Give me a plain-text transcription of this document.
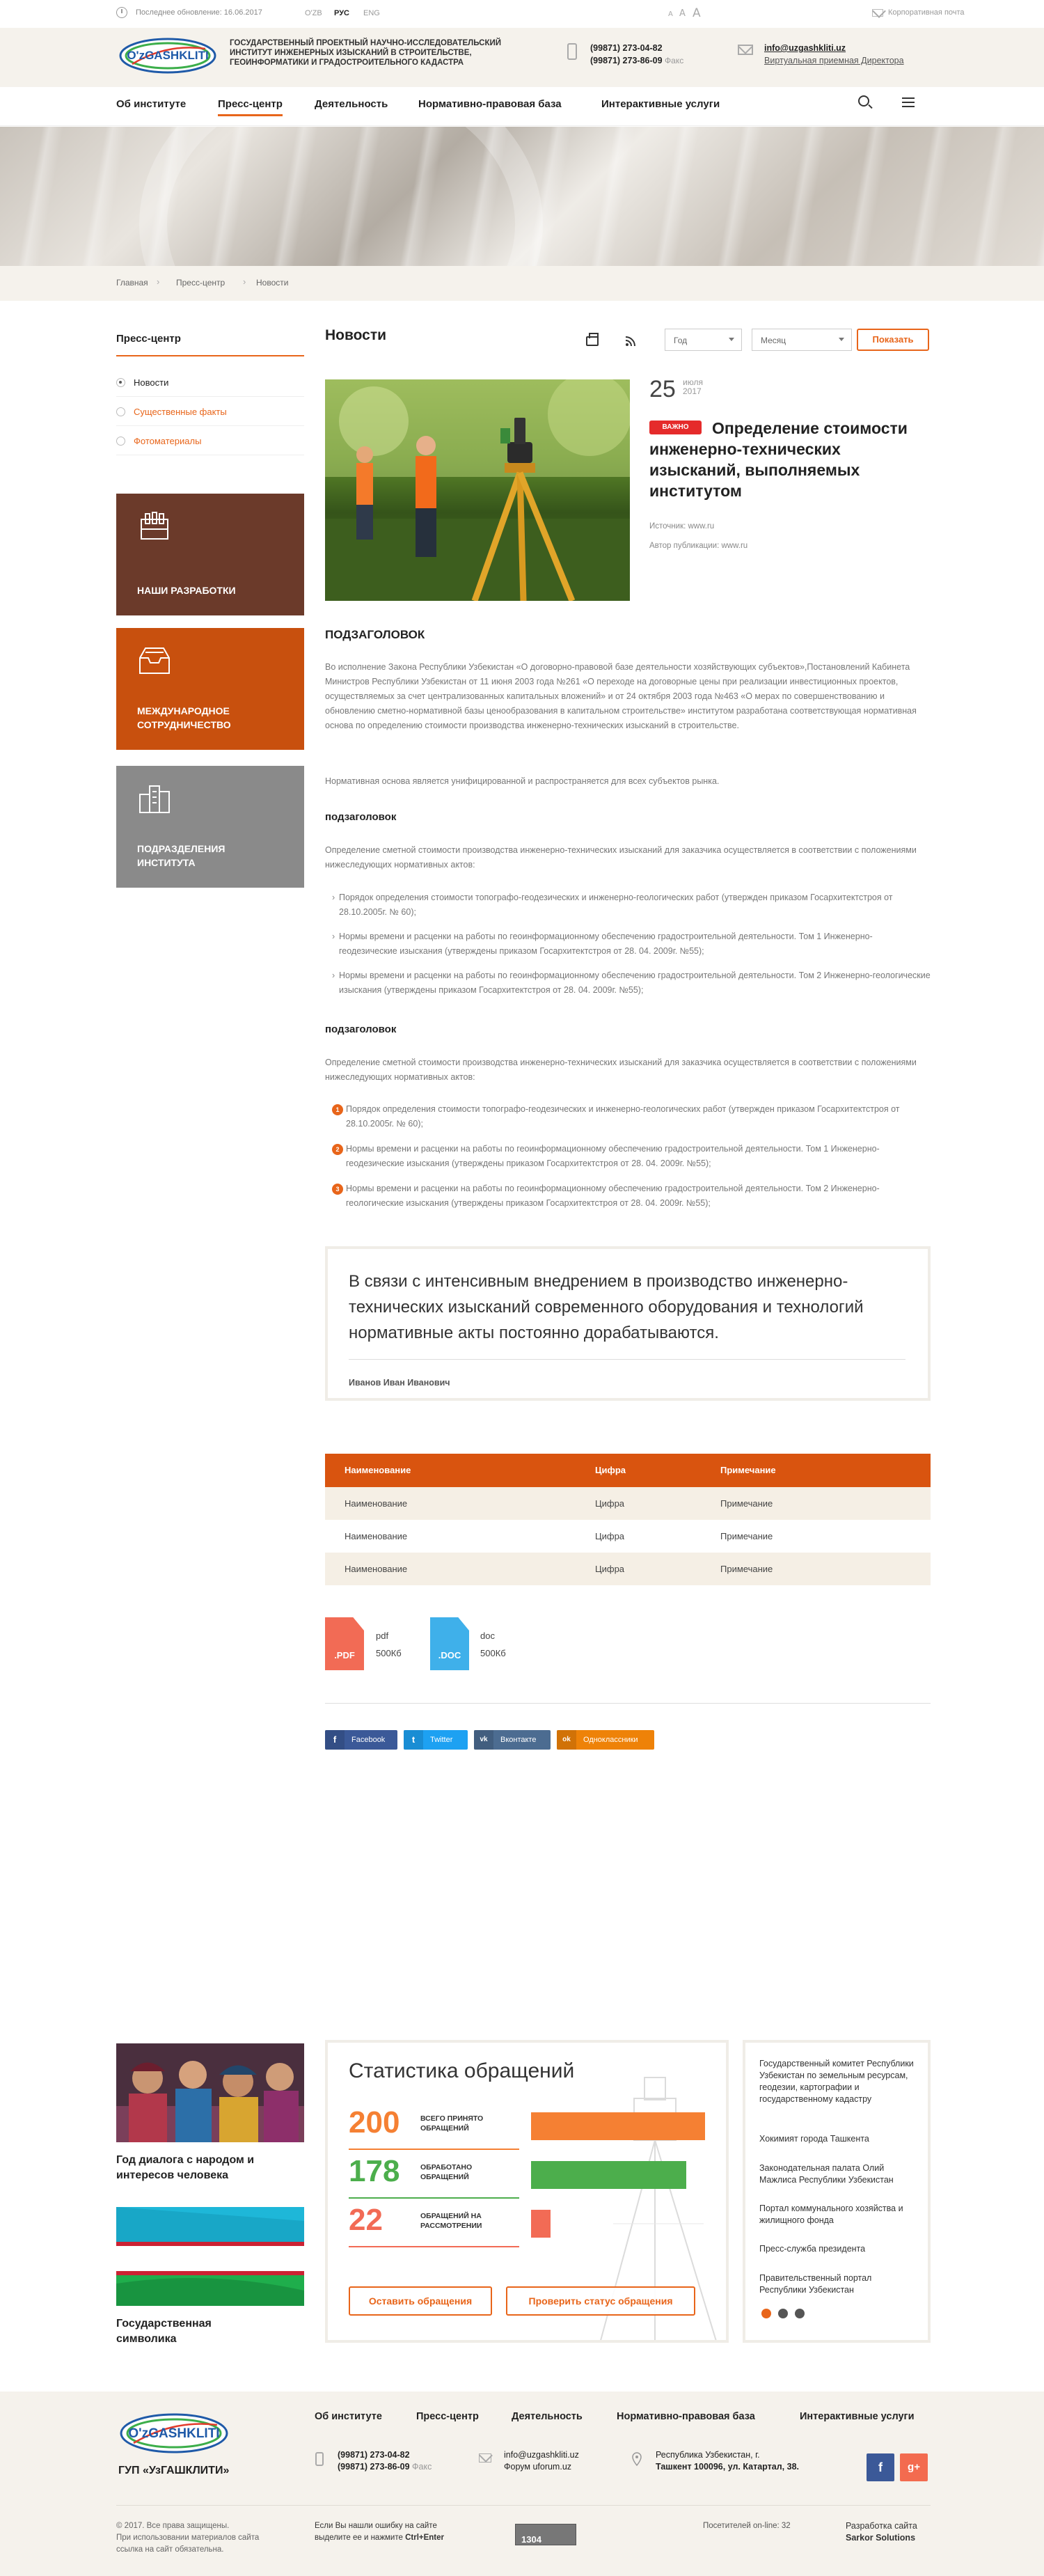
Последнее обновление: 16.06.2017	O'ZB РУС ENG	A A A	Корпоративная почта
O'zGASHKLITI
ГОСУДАРСТВЕННЫЙ ПРОЕКТНЫЙ НАУЧНО-ИССЛЕДОВАТЕЛЬСКИЙ ИНСТИТУТ ИНЖЕНЕРНЫХ ИЗЫСКАНИЙ В СТРОИТЕЛЬСТВЕ, ГЕОИНФОРМАТИКИ И ГРАДОСТРОИТЕЛЬНОГО КАДАСТРА
(99871) 273-04-82
(99871) 273-86-09 Факс
info@uzgashkliti.uz
Виртуальная приемная Директора
Об институте	Пресс-центр	Деятельность	Нормативно-правовая база	Интерактивные услуги
Главная › Пресс-центр › Новости
Пресс-центр
Новости
Существенные факты
Фотоматериалы
НАШИ РАЗРАБОТКИ
МЕЖДУНАРОДНОЕ СОТРУДНИЧЕСТВО
ПОДРАЗДЕЛЕНИЯ ИНСТИТУТА
Новости	Год	Месяц	Показать
25 июля
2017
Определение стоимости инженерно-технических изысканий, выполняемых институтом
ВАЖНО
Источник: www.ru
Автор публикации: www.ru
ПОДЗАГОЛОВОК
Во исполнение Закона Республики Узбекистан «О договорно-правовой базе деятельности хозяйствующих субъектов»,Постановлений Кабинета Министров Республики Узбекистан от 11 июня 2003 года №261 «О переходе на договорные цены при реализации инвестиционных проектов, осуществляемых за счет централизованных капитальных вложений» и от 24 октября 2003 года №463 «О мерах по совершенствованию и обновлению сметно-нормативной базы ценообразования в капитальном строительстве» институтом разработана соответствующая нормативная основа по определению стоимости производства инженерно-технических изысканий в строительстве.
Нормативная основа является унифицированной и распространяется для всех субъектов рынка.
подзаголовок
Определение сметной стоимости производства инженерно-технических изысканий для заказчика осуществляется в соответствии с положениями нижеследующих нормативных актов:
› Порядок определения стоимости топографо-геодезических и инженерно-геологических работ (утвержден приказом Госархитектстроя от 28.10.2005г. № 60);
› Нормы времени и расценки на работы по геоинформационному обеспечению градостроительной деятельности. Том 1 Инженерно-геодезические изыскания (утверждены приказом Госархитектстроя от 28. 04. 2009г. №55);
› Нормы времени и расценки на работы по геоинформационному обеспечению градостроительной деятельности. Том 2 Инженерно-геологические изыскания (утверждены приказом Госархитектстроя от 28. 04. 2009г. №55);
подзаголовок
Определение сметной стоимости производства инженерно-технических изысканий для заказчика осуществляется в соответствии с положениями нижеследующих нормативных актов:
1 Порядок определения стоимости топографо-геодезических и инженерно-геологических работ (утвержден приказом Госархитектстроя от 28.10.2005г. № 60);
2 Нормы времени и расценки на работы по геоинформационному обеспечению градостроительной деятельности. Том 1 Инженерно-геодезические изыскания (утверждены приказом Госархитектстроя от 28. 04. 2009г. №55);
3 Нормы времени и расценки на работы по геоинформационному обеспечению градостроительной деятельности. Том 2 Инженерно-геологические изыскания (утверждены приказом Госархитектстроя от 28. 04. 2009г. №55);
В связи с интенсивным внедрением в производство инженерно-технических изысканий современного оборудования и технологий нормативные акты постоянно дорабатываются.
Иванов Иван Иванович
Наименование	Цифра	Примечание
Наименование	Цифра	Примечание
Наименование	Цифра	Примечание
Наименование	Цифра	Примечание
.PDF
pdf
500Кб	.DOC
doc
500Кб
f	Facebook	t	Twitter	vk	Вконтакте	ok	Одноклассники
Год диалога с народом и интересов человека
Государственная символика
Статистика обращений
200	ВСЕГО ПРИНЯТО ОБРАЩЕНИЙ
178	ОБРАБОТАНО ОБРАЩЕНИЙ
22	ОБРАЩЕНИЙ НА РАССМОТРЕНИИ
Оставить обращения	Проверить статус обращения
Государственный комитет Республики Узбекистан по земельным ресурсам, геодезии, картографии и государственному кадастру
Хокимият города Ташкента
Законодательная палата Олий Мажлиса Республики Узбекистан
Портал коммунального хозяйства и жилищного фонда
Пресс-служба президента
Правительственный портал Республики Узбекистан
O'zGASHKLITI
ГУП «УзГАШКЛИТИ»
Об институте	Пресс-центр	Деятельность	Нормативно-правовая база	Интерактивные услуги
(99871) 273-04-82
(99871) 273-86-09 Факс
info@uzgashkliti.uz
Форум uforum.uz
Республика Узбекистан, г.
Ташкент 100096, ул. Катартал, 38.	f	g+
© 2017. Все права защищены.
При использовании материалов сайта
ссылка на сайт обязательна.
Если Вы нашли ошибку на сайте
выделите ее и нажмите Ctrl+Enter	1304
Посетителей on-line: 32	Разработка сайта
Sarkor Solutions
